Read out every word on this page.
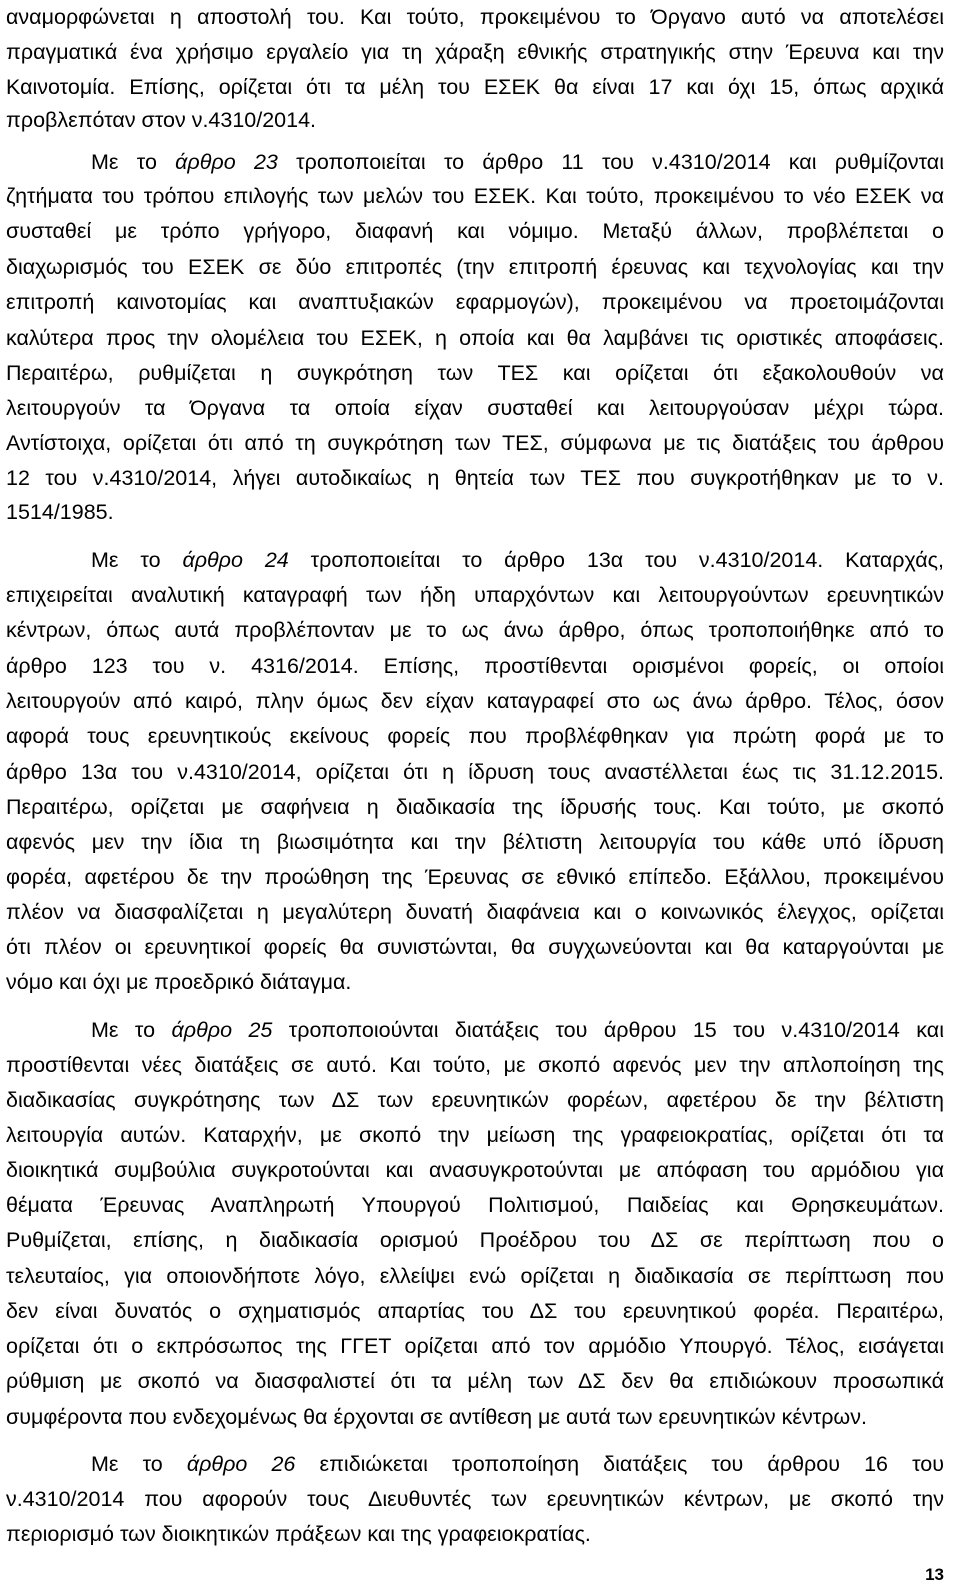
αναμορφώνεται η αποστολή του. Και τούτο, προκειμένου το Όργανο αυτό να αποτελέσει
πραγματικά ένα χρήσιμο εργαλείο για τη χάραξη εθνικής στρατηγικής στην Έρευνα και την
Καινοτομία. Επίσης, ορίζεται ότι τα μέλη του ΕΣΕΚ θα είναι 17 και όχι 15, όπως αρχικά
προβλεπόταν στον ν.4310/2014.
Με το άρθρο 23 τροποποιείται το άρθρο 11 του ν.4310/2014 και ρυθμίζονται
ζητήματα του τρόπου επιλογής των μελών του ΕΣΕΚ. Και τούτο, προκειμένου το νέο ΕΣΕΚ να
συσταθεί με τρόπο γρήγορο, διαφανή και νόμιμο. Μεταξύ άλλων, προβλέπεται ο
διαχωρισμός του ΕΣΕΚ σε δύο επιτροπές (την επιτροπή έρευνας και τεχνολογίας και την
επιτροπή καινοτομίας και αναπτυξιακών εφαρμογών), προκειμένου να προετοιμάζονται
καλύτερα προς την ολομέλεια του ΕΣΕΚ, η οποία και θα λαμβάνει τις οριστικές αποφάσεις.
Περαιτέρω, ρυθμίζεται η συγκρότηση των ΤΕΣ και ορίζεται ότι εξακολουθούν να
λειτουργούν τα Όργανα τα οποία είχαν συσταθεί και λειτουργούσαν μέχρι τώρα.
Αντίστοιχα, ορίζεται ότι από τη συγκρότηση των ΤΕΣ, σύμφωνα με τις διατάξεις του άρθρου
12 του ν.4310/2014, λήγει αυτοδικαίως η θητεία των ΤΕΣ που συγκροτήθηκαν με το ν.
1514/1985.
Με το άρθρο 24 τροποποιείται το άρθρο 13α του ν.4310/2014. Καταρχάς,
επιχειρείται αναλυτική καταγραφή των ήδη υπαρχόντων και λειτουργούντων ερευνητικών
κέντρων, όπως αυτά προβλέπονταν με το ως άνω άρθρο, όπως τροποποιήθηκε από το
άρθρο 123 του ν. 4316/2014. Επίσης, προστίθενται ορισμένοι φορείς, οι οποίοι
λειτουργούν από καιρό, πλην όμως δεν είχαν καταγραφεί στο ως άνω άρθρο. Τέλος, όσον
αφορά τους ερευνητικούς εκείνους φορείς που προβλέφθηκαν για πρώτη φορά με το
άρθρο 13α του ν.4310/2014, ορίζεται ότι η ίδρυση τους αναστέλλεται έως τις 31.12.2015.
Περαιτέρω, ορίζεται με σαφήνεια η διαδικασία της ίδρυσής τους. Και τούτο, με σκοπό
αφενός μεν την ίδια τη βιωσιμότητα και την βέλτιστη λειτουργία του κάθε υπό ίδρυση
φορέα, αφετέρου δε την προώθηση της Έρευνας σε εθνικό επίπεδο. Εξάλλου, προκειμένου
πλέον να διασφαλίζεται η μεγαλύτερη δυνατή διαφάνεια και ο κοινωνικός έλεγχος, ορίζεται
ότι πλέον οι ερευνητικοί φορείς θα συνιστώνται, θα συγχωνεύονται και θα καταργούνται με
νόμο και όχι με προεδρικό διάταγμα.
Με το άρθρο 25 τροποποιούνται διατάξεις του άρθρου 15 του ν.4310/2014 και
προστίθενται νέες διατάξεις σε αυτό. Και τούτο, με σκοπό αφενός μεν την απλοποίηση της
διαδικασίας συγκρότησης των ΔΣ των ερευνητικών φορέων, αφετέρου δε την βέλτιστη
λειτουργία αυτών. Καταρχήν, με σκοπό την μείωση της γραφειοκρατίας, ορίζεται ότι τα
διοικητικά συμβούλια συγκροτούνται και ανασυγκροτούνται με απόφαση του αρμόδιου για
θέματα Έρευνας Αναπληρωτή Υπουργού Πολιτισμού, Παιδείας και Θρησκευμάτων.
Ρυθμίζεται, επίσης, η διαδικασία ορισμού Προέδρου του ΔΣ σε περίπτωση που ο
τελευταίος, για οποιονδήποτε λόγο, ελλείψει ενώ ορίζεται η διαδικασία σε περίπτωση που
δεν είναι δυνατός ο σχηματισμός απαρτίας του ΔΣ του ερευνητικού φορέα. Περαιτέρω,
ορίζεται ότι ο εκπρόσωπος της ΓΓΕΤ ορίζεται από τον αρμόδιο Υπουργό. Τέλος, εισάγεται
ρύθμιση με σκοπό να διασφαλιστεί ότι τα μέλη των ΔΣ δεν θα επιδιώκουν προσωπικά
συμφέροντα που ενδεχομένως θα έρχονται σε αντίθεση με αυτά των ερευνητικών κέντρων.
Με το άρθρο 26 επιδιώκεται τροποποίηση διατάξεις του άρθρου 16 του
ν.4310/2014 που αφορούν τους Διευθυντές των ερευνητικών κέντρων, με σκοπό την
περιορισμό των διοικητικών πράξεων και της γραφειοκρατίας.
13
